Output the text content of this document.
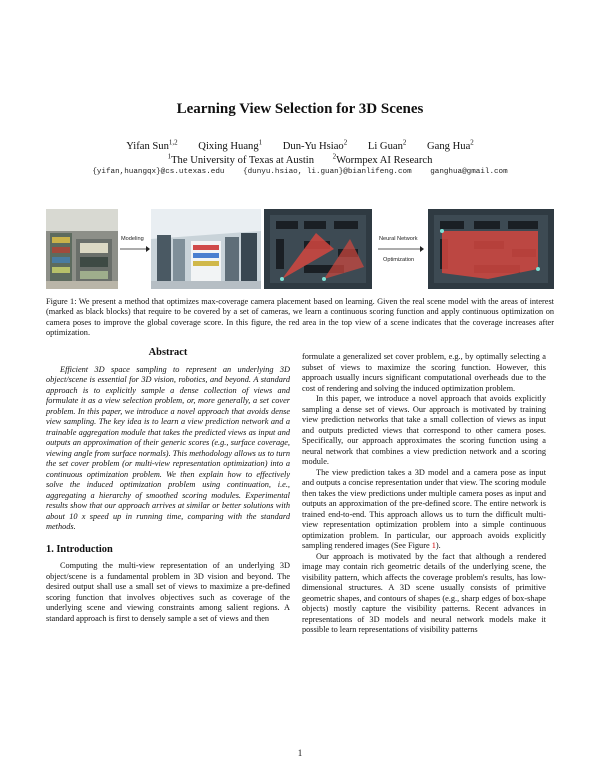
Learning View Selection for 3D Scenes
Yifan Sun$^{1,2}$ Qixing Huang$^1$ Dun-Yu Hsiao$^2$ Li Guan$^2$ Gang Hua$^2$
$^1$The University of Texas at Austin	$^2$Wormpex AI Research
{yifan,huangqx}@cs.utexas.edu {dunyu.hsiao, li.guan}@bianlifeng.com ganghua@gmail.com
Modeling	Neural Network
Optimization
Figure 1: We present a method that optimizes max-coverage camera placement based on learning. Given the real scene model with the areas of interest (marked as black blocks) that require to be covered by a set of cameras, we learn a continuous scoring function and apply continuous optimization on camera poses to improve the global coverage score. In this figure, the red area in the top view of a scene indicates that the coverage increases after optimization.
Abstract

Efficient 3D space sampling to represent an underlying 3D object/scene is essential for 3D vision, robotics, and beyond. A standard approach is to explicitly sample a dense collection of views and formulate it as a view selection problem, or, more generally, a set cover problem. In this paper, we introduce a novel approach that avoids dense view sampling. The key idea is to learn a view prediction network and a trainable aggregation module that takes the predicted views as input and outputs an approximation of their generic scores (e.g., surface coverage, viewing angle from surface normals). This methodology allows us to turn the set cover problem (or multi-view representation optimization) into a continuous optimization problem. We then explain how to effectively solve the induced optimization problem using continuation, i.e., aggregating a hierarchy of smoothed scoring modules. Experimental results show that our approach arrives at similar or better solutions with about 10 x speed up in running time, comparing with the standard methods.

1. Introduction

Computing the multi-view representation of an underlying 3D object/scene is a fundamental problem in 3D vision and beyond. The desired output shall use a small set of views to maximize a pre-defined scoring function that involves objectives such as coverage of the underlying scene and viewing constraints among salient regions. A standard approach is first to densely sample a set of views and then

formulate a generalized set cover problem, e.g., by optimally selecting a subset of views to maximize the scoring function. However, this approach usually incurs significant computational overheads due to the cost of rendering and solving the induced optimization problem.

In this paper, we introduce a novel approach that avoids explicitly sampling a dense set of views. Our approach is motivated by training view prediction networks that take a small collection of views as input and outputs predicted views that correspond to other camera poses. Specifically, our approach approximates the scoring function using a neural network that combines a view prediction network and a scoring module.

The view prediction takes a 3D model and a camera pose as input and outputs a concise representation under that view. The scoring module then takes the view predictions under multiple camera poses as input and outputs an approximation of the pre-defined score. The entire network is trained end-to-end. This approach allows us to turn the difficult multi-view representation optimization problem into a simple continuous optimization problem. In particular, our approach avoids explicitly sampling rendered images (See Figure 1).

Our approach is motivated by the fact that although a rendered image may contain rich geometric details of the underlying scene, the visibility pattern, which affects the coverage problem's results, has low-dimensional structures. A 3D scene usually consists of primitive geometric shapes, and contours of shapes (e.g., sharp edges of box-shape objects) mostly capture the visibility patterns. Recent advances in representations of 3D models and neural network models make it possible to learn representations of visibility patterns

1
